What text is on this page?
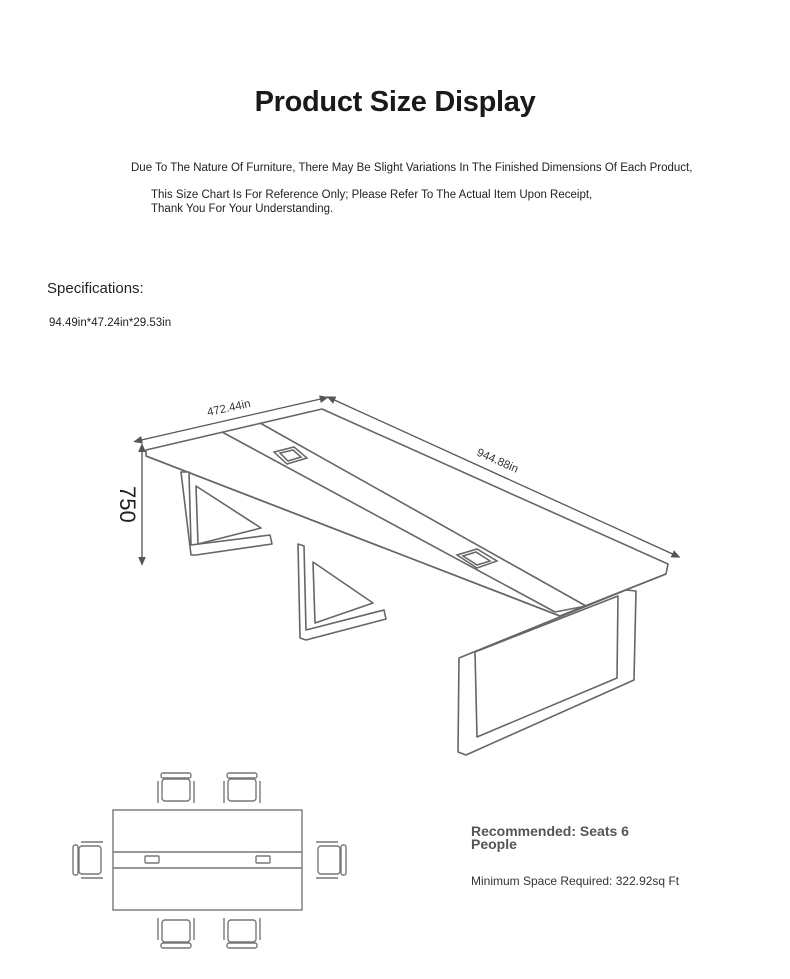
Product Size Display
Due To The Nature Of Furniture, There May Be Slight Variations In The Finished Dimensions Of Each Product,
This Size Chart Is For Reference Only; Please Refer To The Actual Item Upon Receipt,
Thank You For Your Understanding.
Specifications:
94.49in*47.24in*29.53in
472.44in
944.88in
750
Recommended: Seats 6 People
Minimum Space Required: 322.92sq Ft
